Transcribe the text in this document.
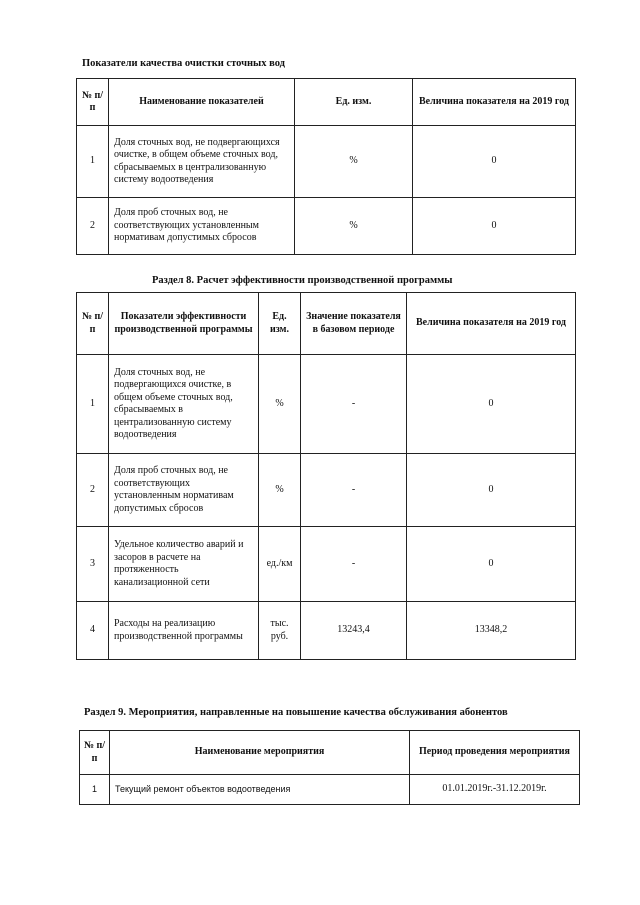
Показатели качества очистки сточных вод
№ п/п	Наименование показателей	Ед. изм.	Величина показателя на 2019 год
1	Доля сточных вод, не подвергающихся очистке, в общем объеме сточных вод, сбрасываемых в централизованную систему водоотведения	%	0
2	Доля проб сточных вод, не соответствующих установленным нормативам допустимых сбросов	%	0
Раздел 8. Расчет эффективности производственной программы
№ п/п	Показатели эффективности производственной программы	Ед. изм.	Значение показателя в базовом периоде	Величина показателя на 2019 год
1	Доля сточных вод, не подвергающихся очистке, в общем объеме сточных вод, сбрасываемых в централизованную систему водоотведения	%	-	0
2	Доля проб сточных вод, не соответствующих установленным нормативам допустимых сбросов	%	-	0
3	Удельное количество аварий и засоров в расчете на протяженность канализационной сети	ед./км	-	0
4	Расходы на реализацию производственной программы	тыс. руб.	13243,4	13348,2
Раздел 9. Мероприятия, направленные на повышение качества обслуживания абонентов
№ п/п	Наименование мероприятия	Период проведения мероприятия
1	Текущий ремонт объектов водоотведения	01.01.2019г.-31.12.2019г.
